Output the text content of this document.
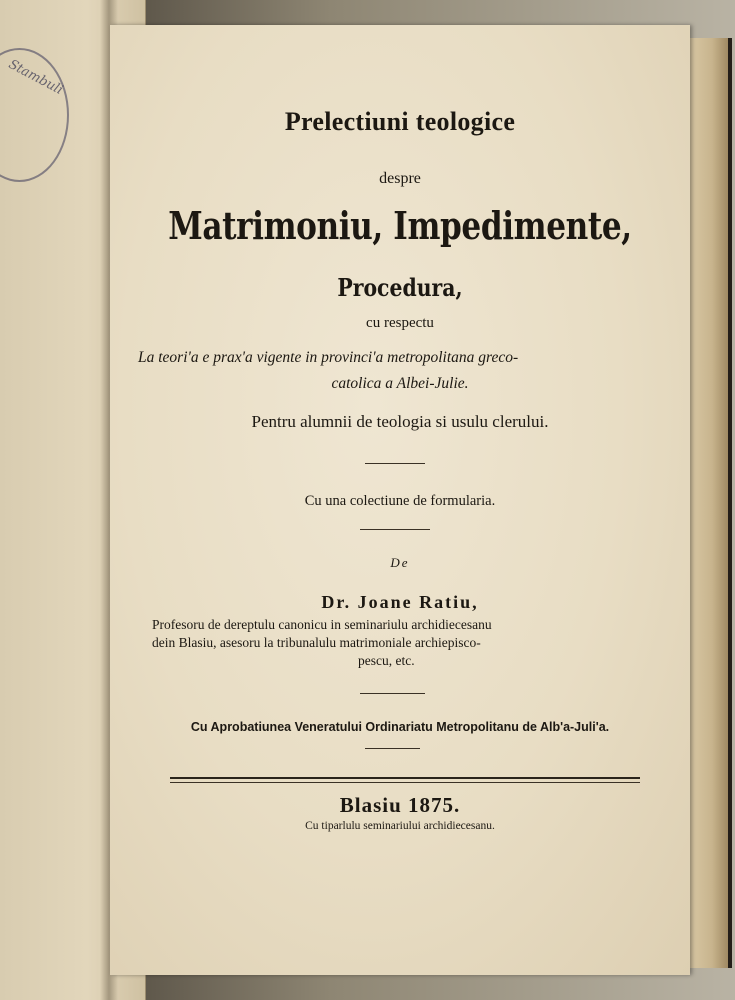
Stambuli
Prelectiuni teologice
despre
Matrimoniu, Impedimente,
Procedura,
cu respectu
La teori'a e prax'a vigente in provinci'a metropolitana greco-
catolica a Albei-Julie.
Pentru alumnii de teologia si usulu clerului.
Cu una colectiune de formularia.
De
Dr. Joane Ratiu,
Profesoru de dereptulu canonicu in seminariulu archidiecesanu
dein Blasiu, asesoru la tribunalulu matrimoniale archiepisco-
pescu, etc.
Cu Aprobatiunea Veneratului Ordinariatu Metropolitanu de Alb'a-Juli'a.
Blasiu 1875.
Cu tiparlulu seminariului archidiecesanu.
